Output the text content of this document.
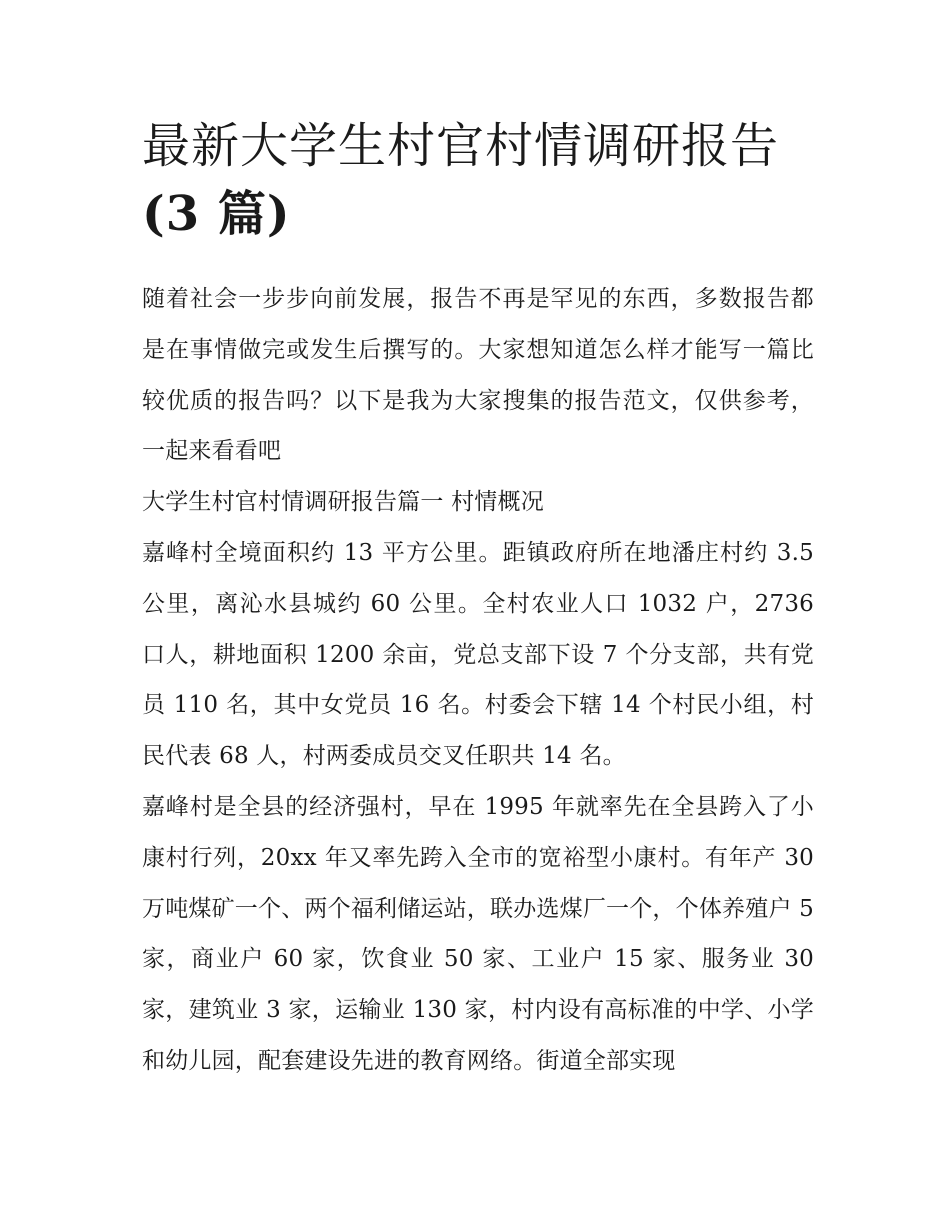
最新大学生村官村情调研报告
(3 篇)

随着社会一步步向前发展，报告不再是罕见的东西，多数报告都是在事情做完或发生后撰写的。大家想知道怎么样才能写一篇比较优质的报告吗？以下是我为大家搜集的报告范文，仅供参考，一起来看看吧

大学生村官村情调研报告篇一 村情概况

嘉峰村全境面积约 13 平方公里。距镇政府所在地潘庄村约 3.5 公里，离沁水县城约 60 公里。全村农业人口 1032 户，2736 口人，耕地面积 1200 余亩，党总支部下设 7 个分支部，共有党员 110 名，其中女党员 16 名。村委会下辖 14 个村民小组，村民代表 68 人，村两委成员交叉任职共 14 名。

嘉峰村是全县的经济强村，早在 1995 年就率先在全县跨入了小康村行列，20xx 年又率先跨入全市的宽裕型小康村。有年产 30 万吨煤矿一个、两个福利储运站，联办选煤厂一个，个体养殖户 5 家，商业户 60 家，饮食业 50 家、工业户 15 家、服务业 30 家，建筑业 3 家，运输业 130 家，村内设有高标准的中学、小学和幼儿园，配套建设先进的教育网络。街道全部实现
